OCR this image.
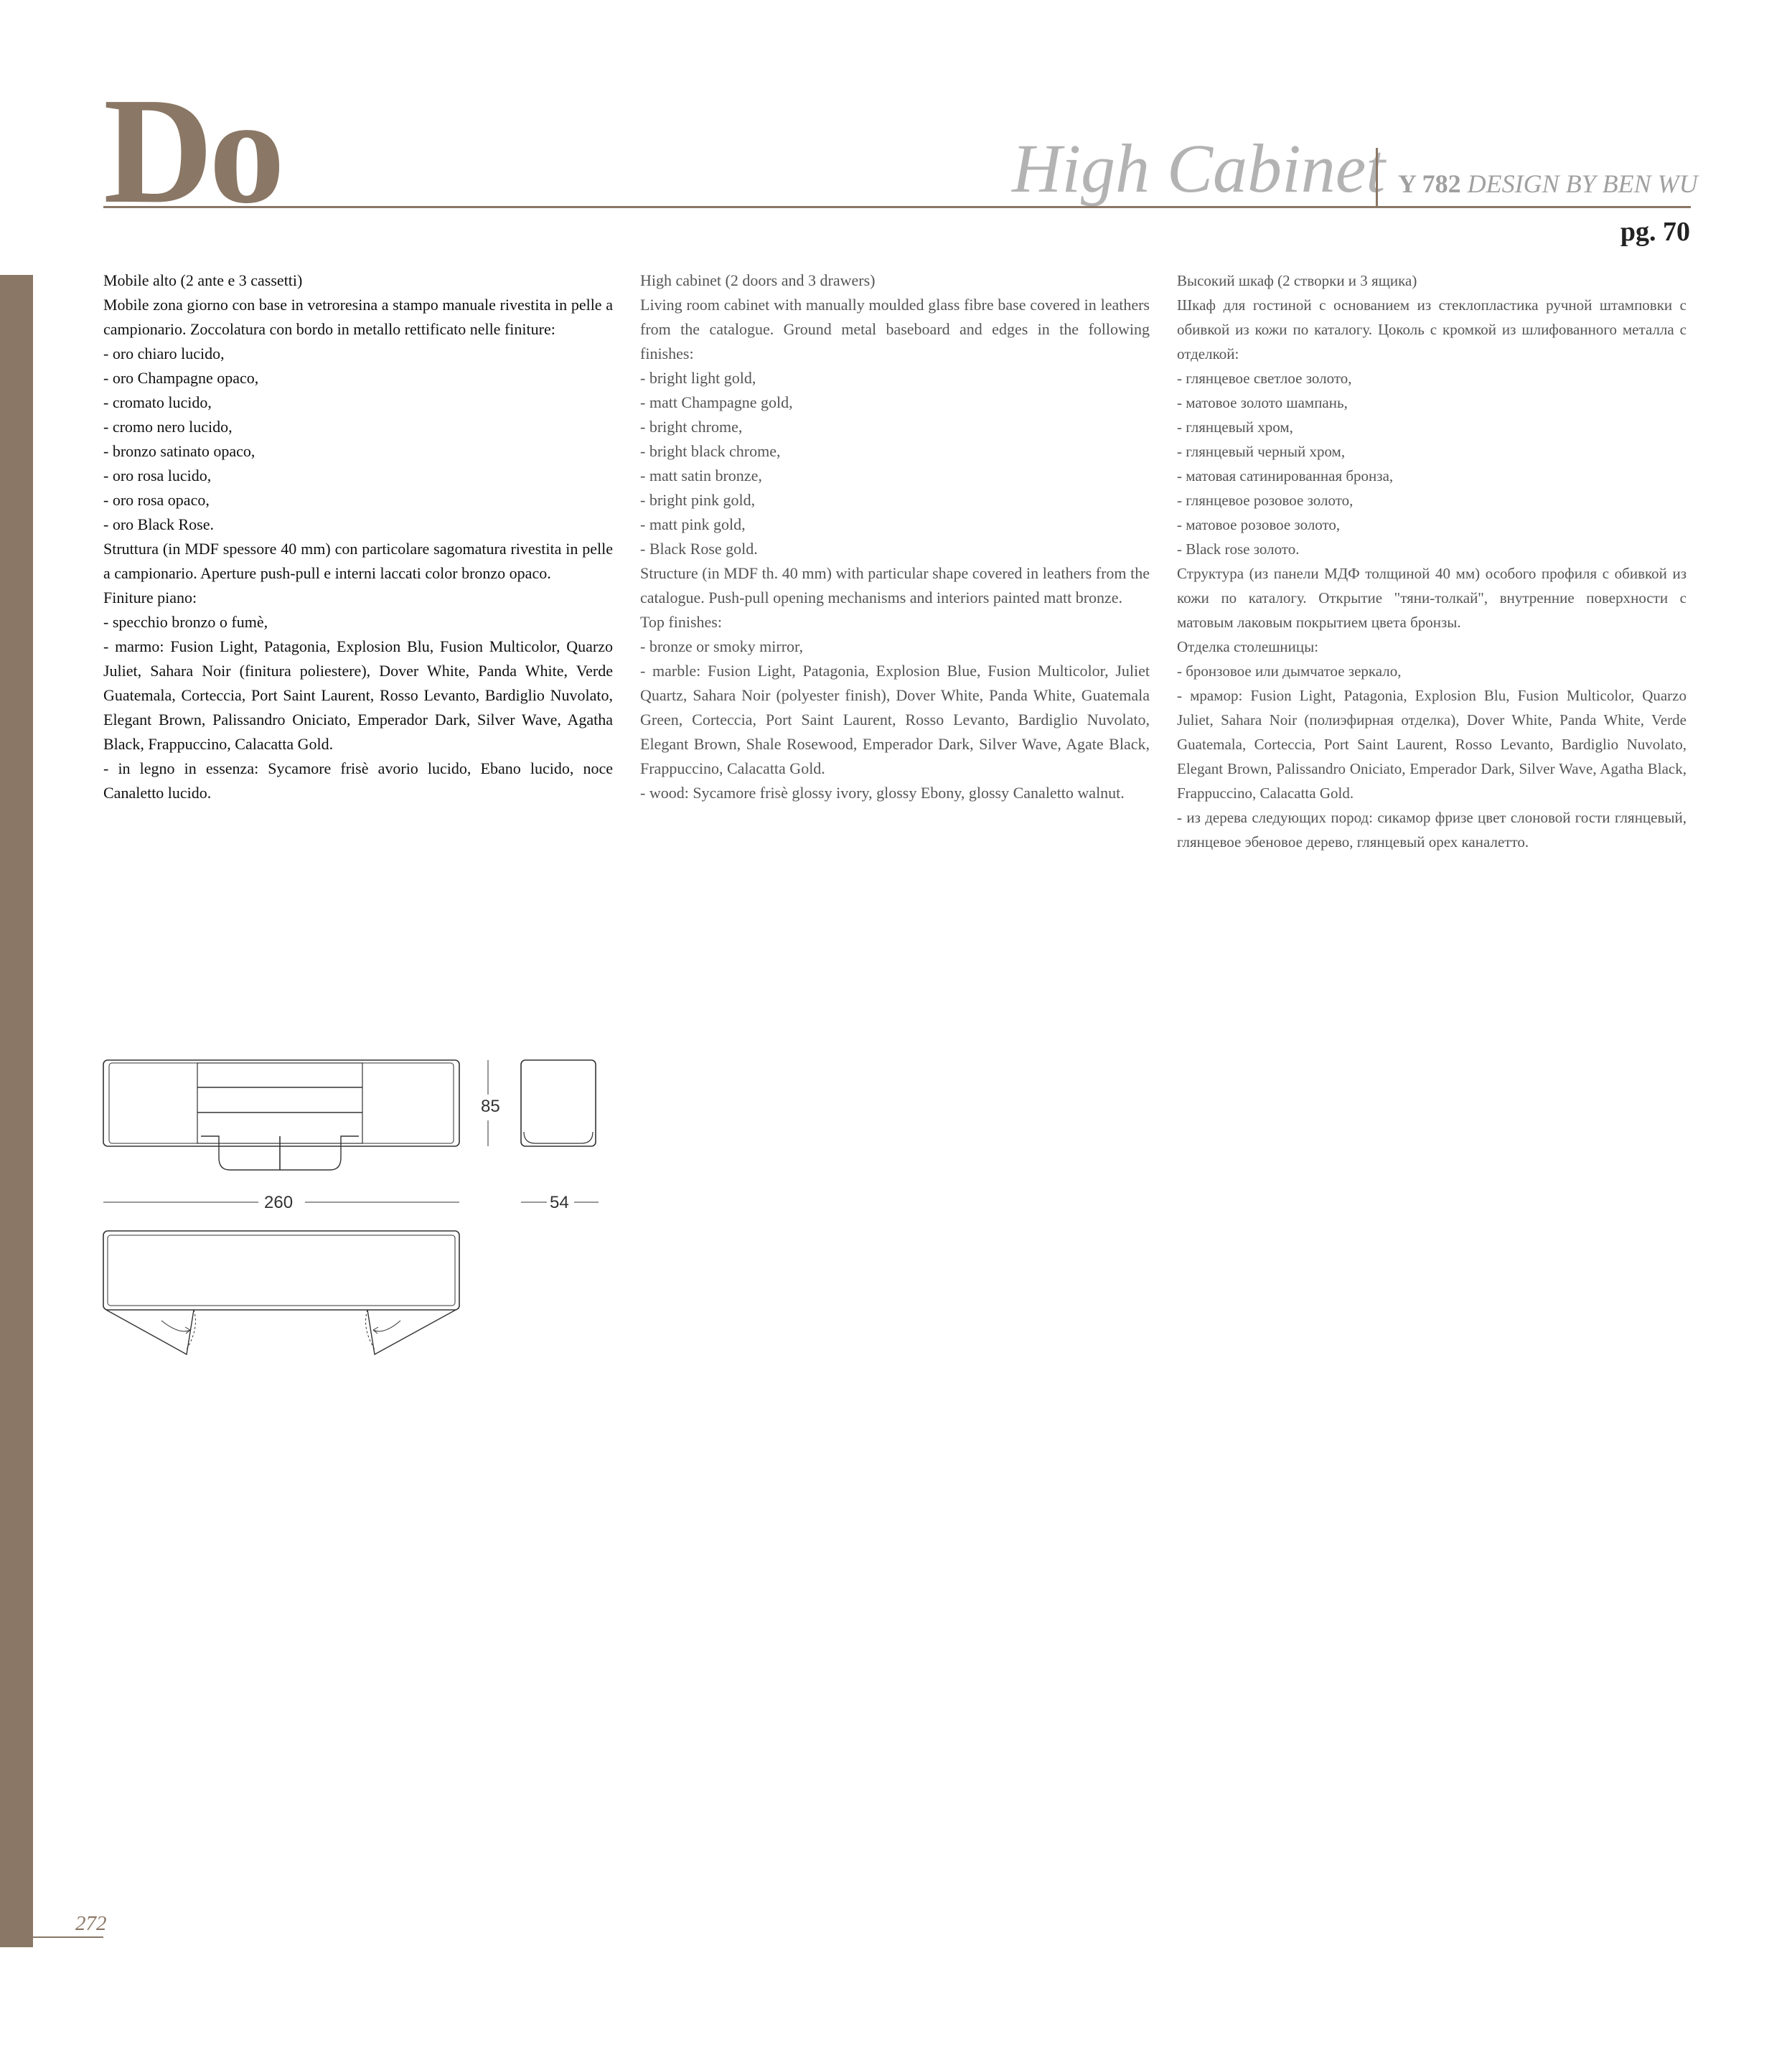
Do	High Cabinet Y 782 DESIGN BY BEN WU
pg. 70

Mobile alto (2 ante e 3 cassetti)

Mobile zona giorno con base in vetroresina a stampo manuale rivestita in pelle a campionario. Zoccolatura con bordo in metallo rettificato nelle finiture:

- oro chiaro lucido,

- oro Champagne opaco,

- cromato lucido,

- cromo nero lucido,

- bronzo satinato opaco,

- oro rosa lucido,

- oro rosa opaco,

- oro Black Rose.

Struttura (in MDF spessore 40 mm) con particolare sagomatura rivestita in pelle a campionario. Aperture push-pull e interni laccati color bronzo opaco.

Finiture piano:

- specchio bronzo o fumè,

- marmo: Fusion Light, Patagonia, Explosion Blu, Fusion Multicolor, Quarzo Juliet, Sahara Noir (finitura poliestere), Dover White, Panda White, Verde Guatemala, Corteccia, Port Saint Laurent, Rosso Levanto, Bardiglio Nuvolato, Elegant Brown, Palissandro Oniciato, Emperador Dark, Silver Wave, Agatha Black, Frappuccino, Calacatta Gold.

- in legno in essenza: Sycamore frisè avorio lucido, Ebano lucido, noce Canaletto lucido.

High cabinet (2 doors and 3 drawers)

Living room cabinet with manually moulded glass fibre base covered in leathers from the catalogue. Ground metal baseboard and edges in the following finishes:

- bright light gold,

- matt Champagne gold,

- bright chrome,

- bright black chrome,

- matt satin bronze,

- bright pink gold,

- matt pink gold,

- Black Rose gold.

Structure (in MDF th. 40 mm) with particular shape covered in leathers from the catalogue. Push-pull opening mechanisms and interiors painted matt bronze.

Top finishes:

- bronze or smoky mirror,

- marble: Fusion Light, Patagonia, Explosion Blue, Fusion Multicolor, Juliet Quartz, Sahara Noir (polyester finish), Dover White, Panda White, Guatemala Green, Corteccia, Port Saint Laurent, Rosso Levanto, Bardiglio Nuvolato, Elegant Brown, Shale Rosewood, Emperador Dark, Silver Wave, Agate Black, Frappuccino, Calacatta Gold.

- wood: Sycamore frisè glossy ivory, glossy Ebony, glossy Canaletto walnut.

Высокий шкаф (2 створки и 3 ящика)

Шкаф для гостиной с основанием из стеклопластика ручной штамповки с обивкой из кожи по каталогу. Цоколь с кромкой из шлифованного металла с отделкой:

- глянцевое светлое золото,

- матовое золото шампань,

- глянцевый хром,

- глянцевый черный хром,

- матовая сатинированная бронза,

- глянцевое розовое золото,

- матовое розовое золото,

- Black rose золото.

Структура (из панели МДФ толщиной 40 мм) особого профиля с обивкой из кожи по каталогу. Открытие "тяни-толкай", внутренние поверхности с матовым лаковым покрытием цвета бронзы.

Отделка столешницы:

- бронзовое или дымчатое зеркало,

- мрамор: Fusion Light, Patagonia, Explosion Blu, Fusion Multicolor, Quarzo Juliet, Sahara Noir (полиэфирная отделка), Dover White, Panda White, Verde Guatemala, Corteccia, Port Saint Laurent, Rosso Levanto, Bardiglio Nuvolato, Elegant Brown, Palissandro Oniciato, Emperador Dark, Silver Wave, Agatha Black, Frappuccino, Calacatta Gold.

- из дерева следующих пород: сикамор фризе цвет слоновой гости глянцевый, глянцевое эбеновое дерево, глянцевый орех каналетто.

85
260	54
272
